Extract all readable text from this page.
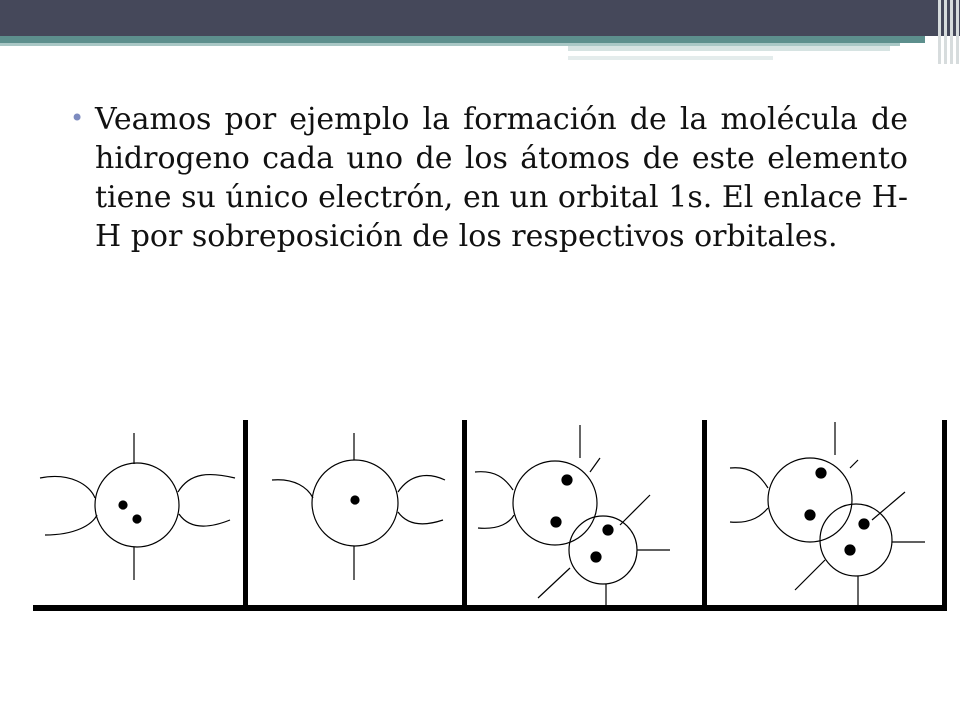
• Veamos por ejemplo la formación de la molécula de hidrogeno cada uno de los átomos de este elemento tiene su único electrón, en un orbital 1s. El enlace H-H por sobreposición de los respectivos orbitales.
